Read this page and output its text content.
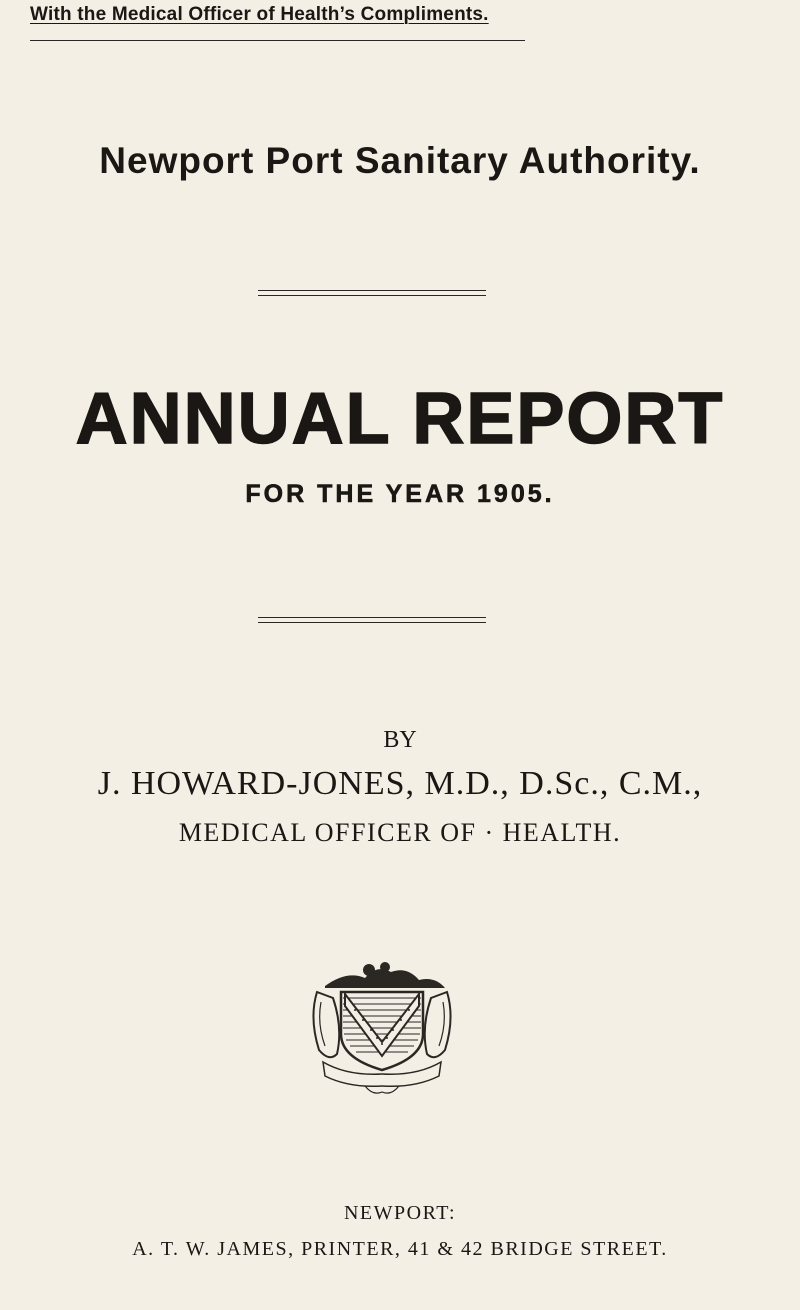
With the Medical Officer of Health’s Compliments.
Newport Port Sanitary Authority.
ANNUAL REPORT
FOR THE YEAR 1905.
BY
J. HOWARD-JONES, M.D., D.Sc., C.M.,
MEDICAL OFFICER OF · HEALTH.
NEWPORT:
A. T. W. JAMES, PRINTER, 41 & 42 BRIDGE STREET.
